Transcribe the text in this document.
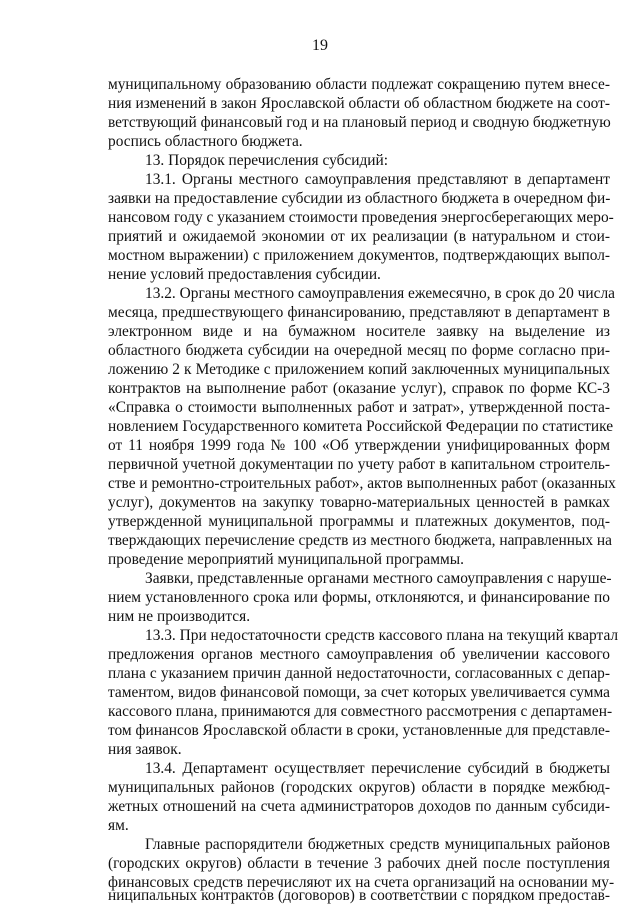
19
муниципальному образованию области подлежат сокращению путем внесе-
ния изменений в закон Ярославской области об областном бюджете на соот-
ветствующий финансовый год и на плановый период и сводную бюджетную
роспись областного бюджета.
13. Порядок перечисления субсидий:
13.1. Органы местного самоуправления представляют в департамент
заявки на предоставление субсидии из областного бюджета в очередном фи-
нансовом году с указанием стоимости проведения энергосберегающих меро-
приятий и ожидаемой экономии от их реализации (в натуральном и стои-
мостном выражении) с приложением документов, подтверждающих выпол-
нение условий предоставления субсидии.
13.2. Органы местного самоуправления ежемесячно, в срок до 20 числа
месяца, предшествующего финансированию, представляют в департамент в
электронном виде и на бумажном носителе заявку на выделение из
областного бюджета субсидии на очередной месяц по форме согласно при-
ложению 2 к Методике с приложением копий заключенных муниципальных
контрактов на выполнение работ (оказание услуг), справок по форме КС-3
«Справка о стоимости выполненных работ и затрат», утвержденной поста-
новлением Государственного комитета Российской Федерации по статистике
от 11 ноября 1999 года № 100 «Об утверждении унифицированных форм
первичной учетной документации по учету работ в капитальном строитель-
стве и ремонтно-строительных работ», актов выполненных работ (оказанных
услуг), документов на закупку товарно-материальных ценностей в рамках
утвержденной муниципальной программы и платежных документов, под-
тверждающих перечисление средств из местного бюджета, направленных на
проведение мероприятий муниципальной программы.
Заявки, представленные органами местного самоуправления с наруше-
нием установленного срока или формы, отклоняются, и финансирование по
ним не производится.
13.3. При недостаточности средств кассового плана на текущий квартал
предложения органов местного самоуправления об увеличении кассового
плана с указанием причин данной недостаточности, согласованных с депар-
таментом, видов финансовой помощи, за счет которых увеличивается сумма
кассового плана, принимаются для совместного рассмотрения с департамен-
том финансов Ярославской области в сроки, установленные для представле-
ния заявок.
13.4. Департамент осуществляет перечисление субсидий в бюджеты
муниципальных районов (городских округов) области в порядке межбюд-
жетных отношений на счета администраторов доходов по данным субсиди-
ям.
Главные распорядители бюджетных средств муниципальных районов
(городских округов) области в течение 3 рабочих дней после поступления
финансовых средств перечисляют их на счета организаций на основании му-
ниципальных контрактов (договоров) в соответствии с порядком предостав-
